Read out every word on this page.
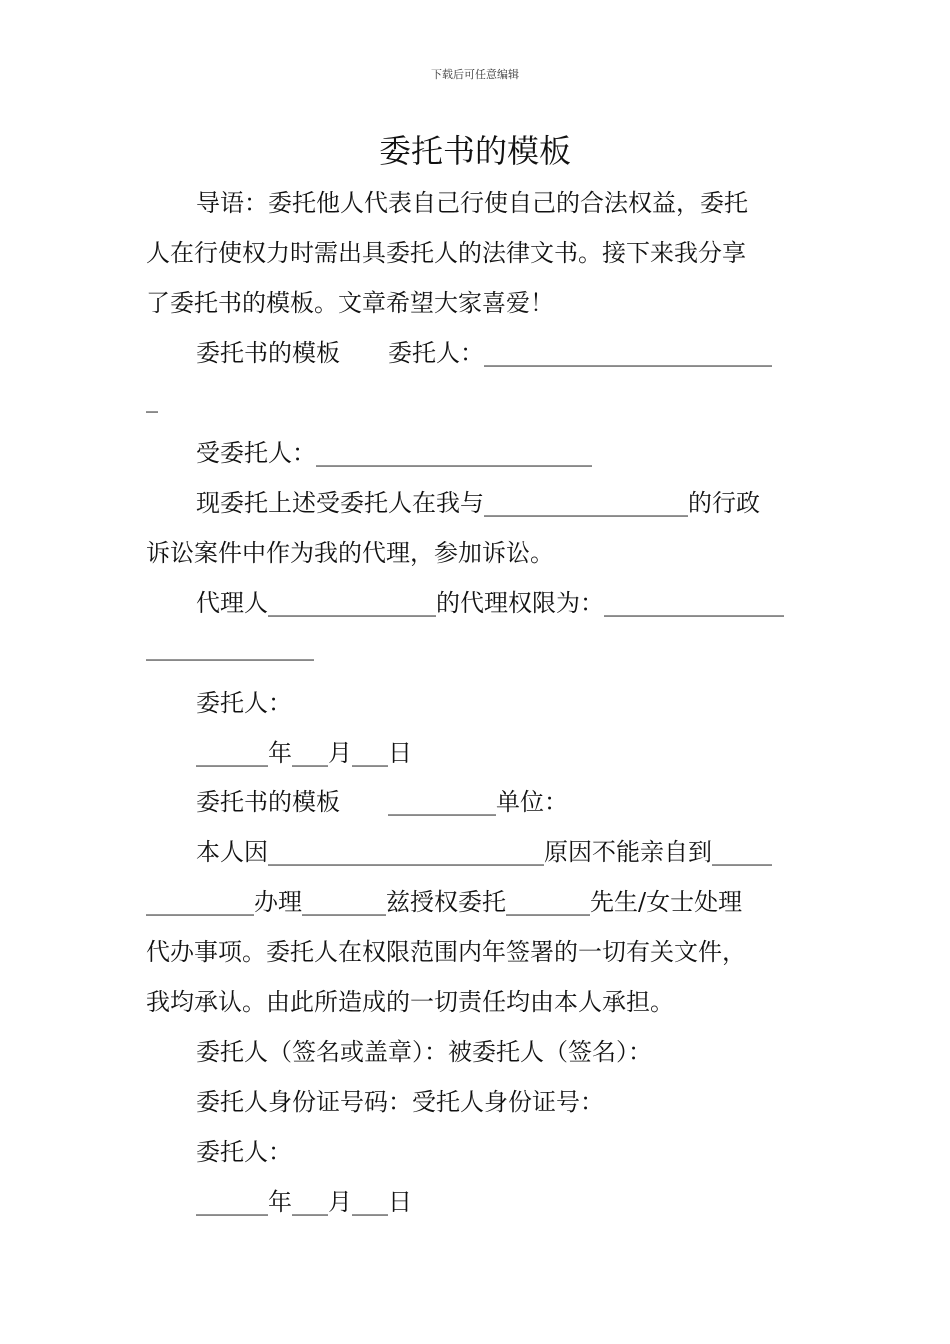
下载后可任意编辑
委托书的模板
导语：委托他人代表自己行使自己的合法权益，委托
人在行使权力时需出具委托人的法律文书。接下来我分享
了委托书的模板。文章希望大家喜爱！
委托书的模板　　委托人：________________________
_
受委托人：_______________________
现委托上述受委托人在我与_________________的行政
诉讼案件中作为我的代理，参加诉讼。
代理人______________的代理权限为：_______________
______________
委托人：
______年___月___日
委托书的模板　　_________单位：
本人因_______________________原因不能亲自到_____
_________办理_______兹授权委托_______先生/女士处理
代办事项。委托人在权限范围内年签署的一切有关文件，
我均承认。由此所造成的一切责任均由本人承担。
委托人（签名或盖章）：被委托人（签名）：
委托人身份证号码：受托人身份证号：
委托人：
______年___月___日
